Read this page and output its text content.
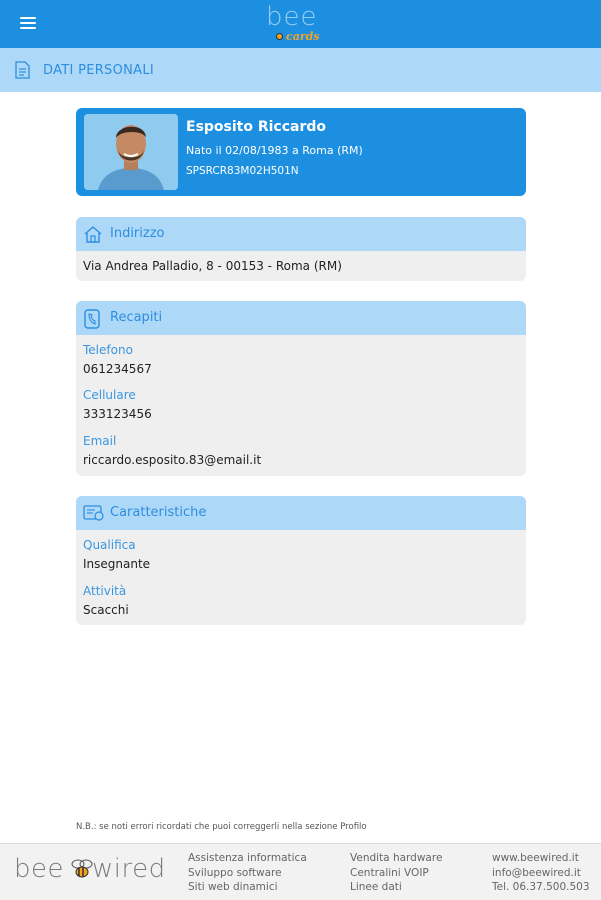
bee
cards
DATI PERSONALI
Esposito Riccardo
Nato il 02/08/1983 a Roma (RM)
SPSRCR83M02H501N
Indirizzo
Via Andrea Palladio, 8 - 00153 - Roma (RM)
Recapiti
Telefono
061234567
Cellulare
333123456
Email
riccardo.esposito.83@email.it
Caratteristiche
Qualifica
Insegnante
Attività
Scacchi
N.B.: se noti errori ricordati che puoi correggerli nella sezione Profilo
bee wired Assistenza informatica
Sviluppo software
Siti web dinamici
Vendita hardware
Centralini VOIP
Linee dati
www.beewired.it
info@beewired.it
Tel. 06.37.500.503
